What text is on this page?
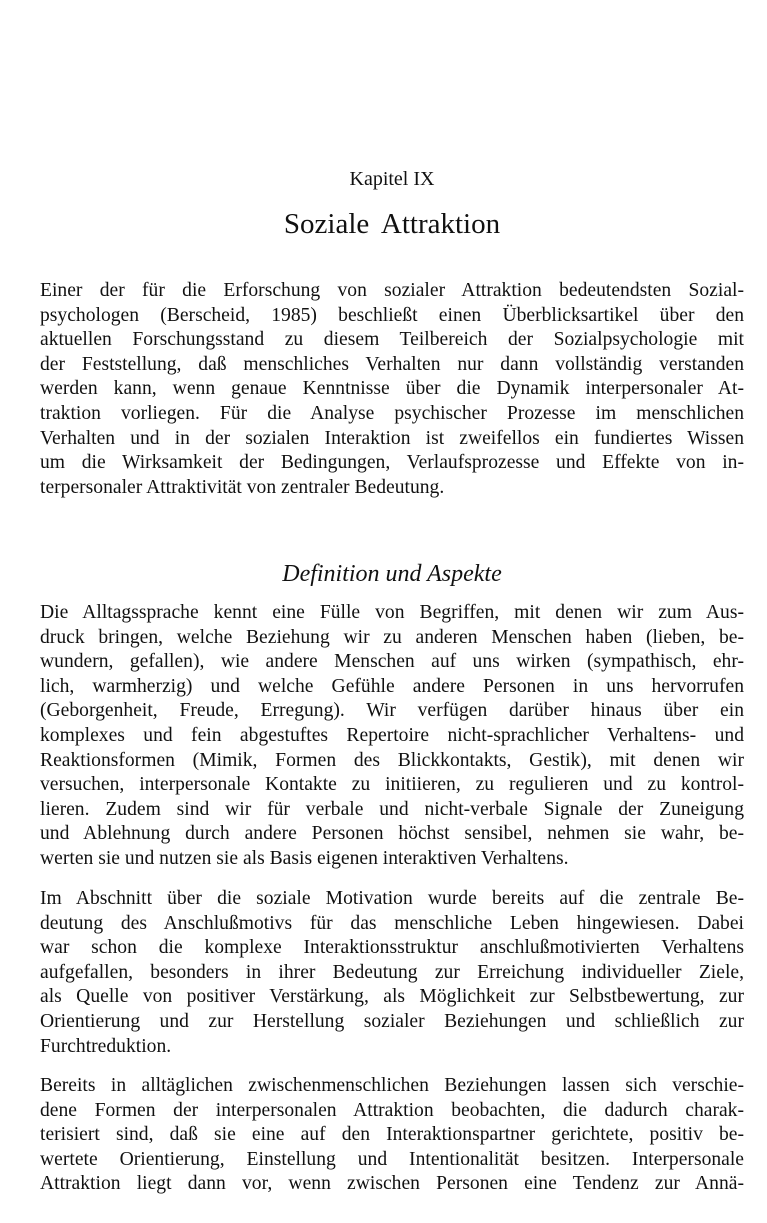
Kapitel IX
Soziale Attraktion

Einer der für die Erforschung von sozialer Attraktion bedeutendsten Sozial-
psychologen (Berscheid, 1985) beschließt einen Überblicksartikel über den
aktuellen Forschungsstand zu diesem Teilbereich der Sozialpsychologie mit
der Feststellung, daß menschliches Verhalten nur dann vollständig verstanden
werden kann, wenn genaue Kenntnisse über die Dynamik interpersonaler At-
traktion vorliegen. Für die Analyse psychischer Prozesse im menschlichen
Verhalten und in der sozialen Interaktion ist zweifellos ein fundiertes Wissen
um die Wirksamkeit der Bedingungen, Verlaufsprozesse und Effekte von in-
terpersonaler Attraktivität von zentraler Bedeutung.

Definition und Aspekte

Die Alltagssprache kennt eine Fülle von Begriffen, mit denen wir zum Aus-
druck bringen, welche Beziehung wir zu anderen Menschen haben (lieben, be-
wundern, gefallen), wie andere Menschen auf uns wirken (sympathisch, ehr-
lich, warmherzig) und welche Gefühle andere Personen in uns hervorrufen
(Geborgenheit, Freude, Erregung). Wir verfügen darüber hinaus über ein
komplexes und fein abgestuftes Repertoire nicht-sprachlicher Verhaltens- und
Reaktionsformen (Mimik, Formen des Blickkontakts, Gestik), mit denen wir
versuchen, interpersonale Kontakte zu initiieren, zu regulieren und zu kontrol-
lieren. Zudem sind wir für verbale und nicht-verbale Signale der Zuneigung
und Ablehnung durch andere Personen höchst sensibel, nehmen sie wahr, be-
werten sie und nutzen sie als Basis eigenen interaktiven Verhaltens.

Im Abschnitt über die soziale Motivation wurde bereits auf die zentrale Be-
deutung des Anschlußmotivs für das menschliche Leben hingewiesen. Dabei
war schon die komplexe Interaktionsstruktur anschlußmotivierten Verhaltens
aufgefallen, besonders in ihrer Bedeutung zur Erreichung individueller Ziele,
als Quelle von positiver Verstärkung, als Möglichkeit zur Selbstbewertung, zur
Orientierung und zur Herstellung sozialer Beziehungen und schließlich zur
Furchtreduktion.

Bereits in alltäglichen zwischenmenschlichen Beziehungen lassen sich verschie-
dene Formen der interpersonalen Attraktion beobachten, die dadurch charak-
terisiert sind, daß sie eine auf den Interaktionspartner gerichtete, positiv be-
wertete Orientierung, Einstellung und Intentionalität besitzen. Interpersonale
Attraktion liegt dann vor, wenn zwischen Personen eine Tendenz zur Annä-
